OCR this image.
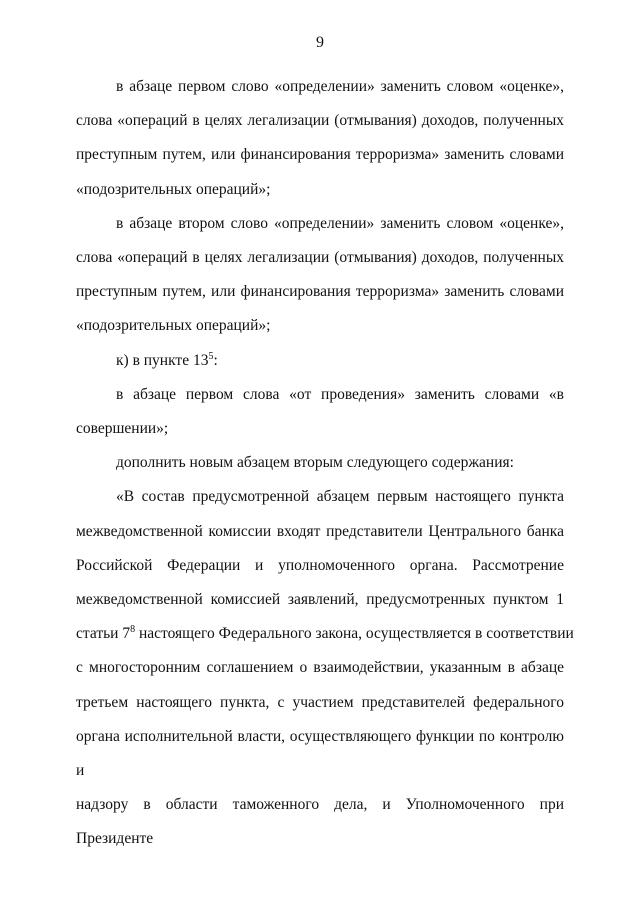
9
в абзаце первом слово «определении» заменить словом «оценке»,
слова «операций в целях легализации (отмывания) доходов, полученных
преступным путем, или финансирования терроризма» заменить словами
«подозрительных операций»;
в абзаце втором слово «определении» заменить словом «оценке»,
слова «операций в целях легализации (отмывания) доходов, полученных
преступным путем, или финансирования терроризма» заменить словами
«подозрительных операций»;
к) в пункте $13^5$:
в абзаце первом слова «от проведения» заменить словами «в
совершении»;
дополнить новым абзацем вторым следующего содержания:
«В состав предусмотренной абзацем первым настоящего пункта
межведомственной комиссии входят представители Центрального банка
Российской Федерации и уполномоченного органа. Рассмотрение
межведомственной комиссией заявлений, предусмотренных пунктом 1
статьи $7^8$ настоящего Федерального закона, осуществляется в соответствии
с многосторонним соглашением о взаимодействии, указанным в абзаце
третьем настоящего пункта, с участием представителей федерального
органа исполнительной власти, осуществляющего функции по контролю и
надзору в области таможенного дела, и Уполномоченного при Президенте
